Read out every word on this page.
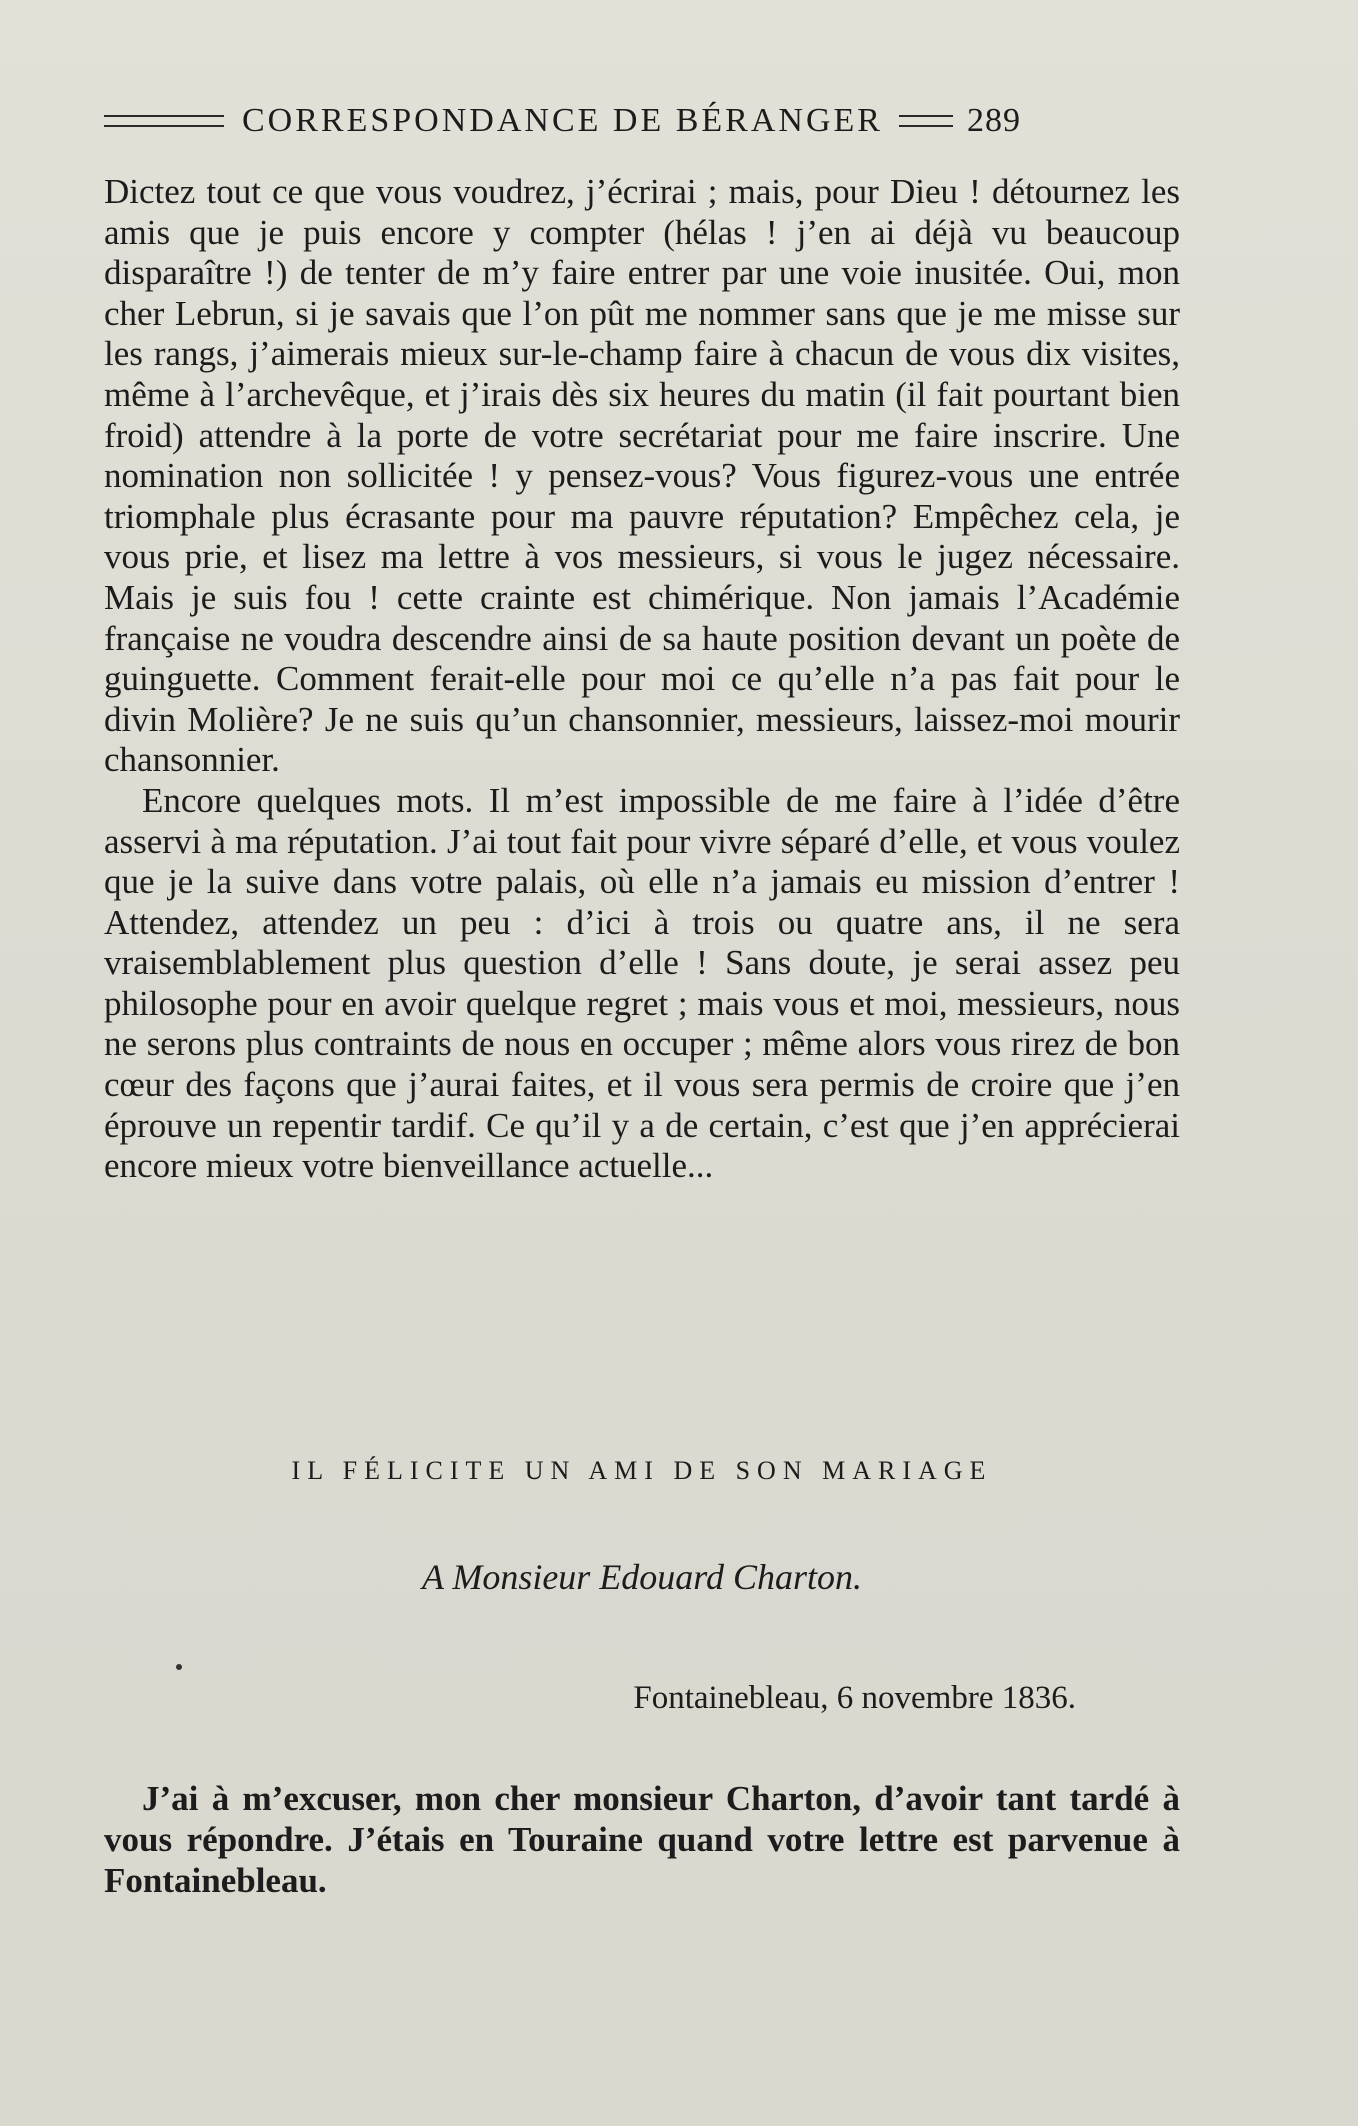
CORRESPONDANCE DE BÉRANGER 289

Dictez tout ce que vous voudrez, j’écrirai ; mais, pour Dieu ! détournez les amis que je puis encore y compter (hélas ! j’en ai déjà vu beaucoup disparaître !) de tenter de m’y faire entrer par une voie inusitée. Oui, mon cher Lebrun, si je savais que l’on pût me nommer sans que je me misse sur les rangs, j’aimerais mieux sur-le-champ faire à chacun de vous dix visites, même à l’archevêque, et j’irais dès six heures du matin (il fait pourtant bien froid) attendre à la porte de votre secrétariat pour me faire inscrire. Une nomination non sollicitée ! y pensez-vous? Vous figurez-vous une entrée triomphale plus écrasante pour ma pauvre réputation? Empêchez cela, je vous prie, et lisez ma lettre à vos messieurs, si vous le jugez nécessaire. Mais je suis fou ! cette crainte est chimérique. Non jamais l’Académie française ne voudra descendre ainsi de sa haute position devant un poète de guinguette. Comment ferait-elle pour moi ce qu’elle n’a pas fait pour le divin Molière? Je ne suis qu’un chansonnier, messieurs, laissez-moi mourir chansonnier.

Encore quelques mots. Il m’est impossible de me faire à l’idée d’être asservi à ma réputation. J’ai tout fait pour vivre séparé d’elle, et vous voulez que je la suive dans votre palais, où elle n’a jamais eu mission d’entrer ! Attendez, attendez un peu : d’ici à trois ou quatre ans, il ne sera vraisemblablement plus question d’elle ! Sans doute, je serai assez peu philosophe pour en avoir quelque regret ; mais vous et moi, messieurs, nous ne serons plus contraints de nous en occuper ; même alors vous rirez de bon cœur des façons que j’aurai faites, et il vous sera permis de croire que j’en éprouve un repentir tardif. Ce qu’il y a de certain, c’est que j’en apprécierai encore mieux votre bienveillance actuelle...

IL FÉLICITE UN AMI DE SON MARIAGE
A Monsieur Edouard Charton.
Fontainebleau, 6 novembre 1836.

J’ai à m’excuser, mon cher monsieur Charton, d’avoir tant tardé à vous répondre. J’étais en Touraine quand votre lettre est parvenue à Fontainebleau.
